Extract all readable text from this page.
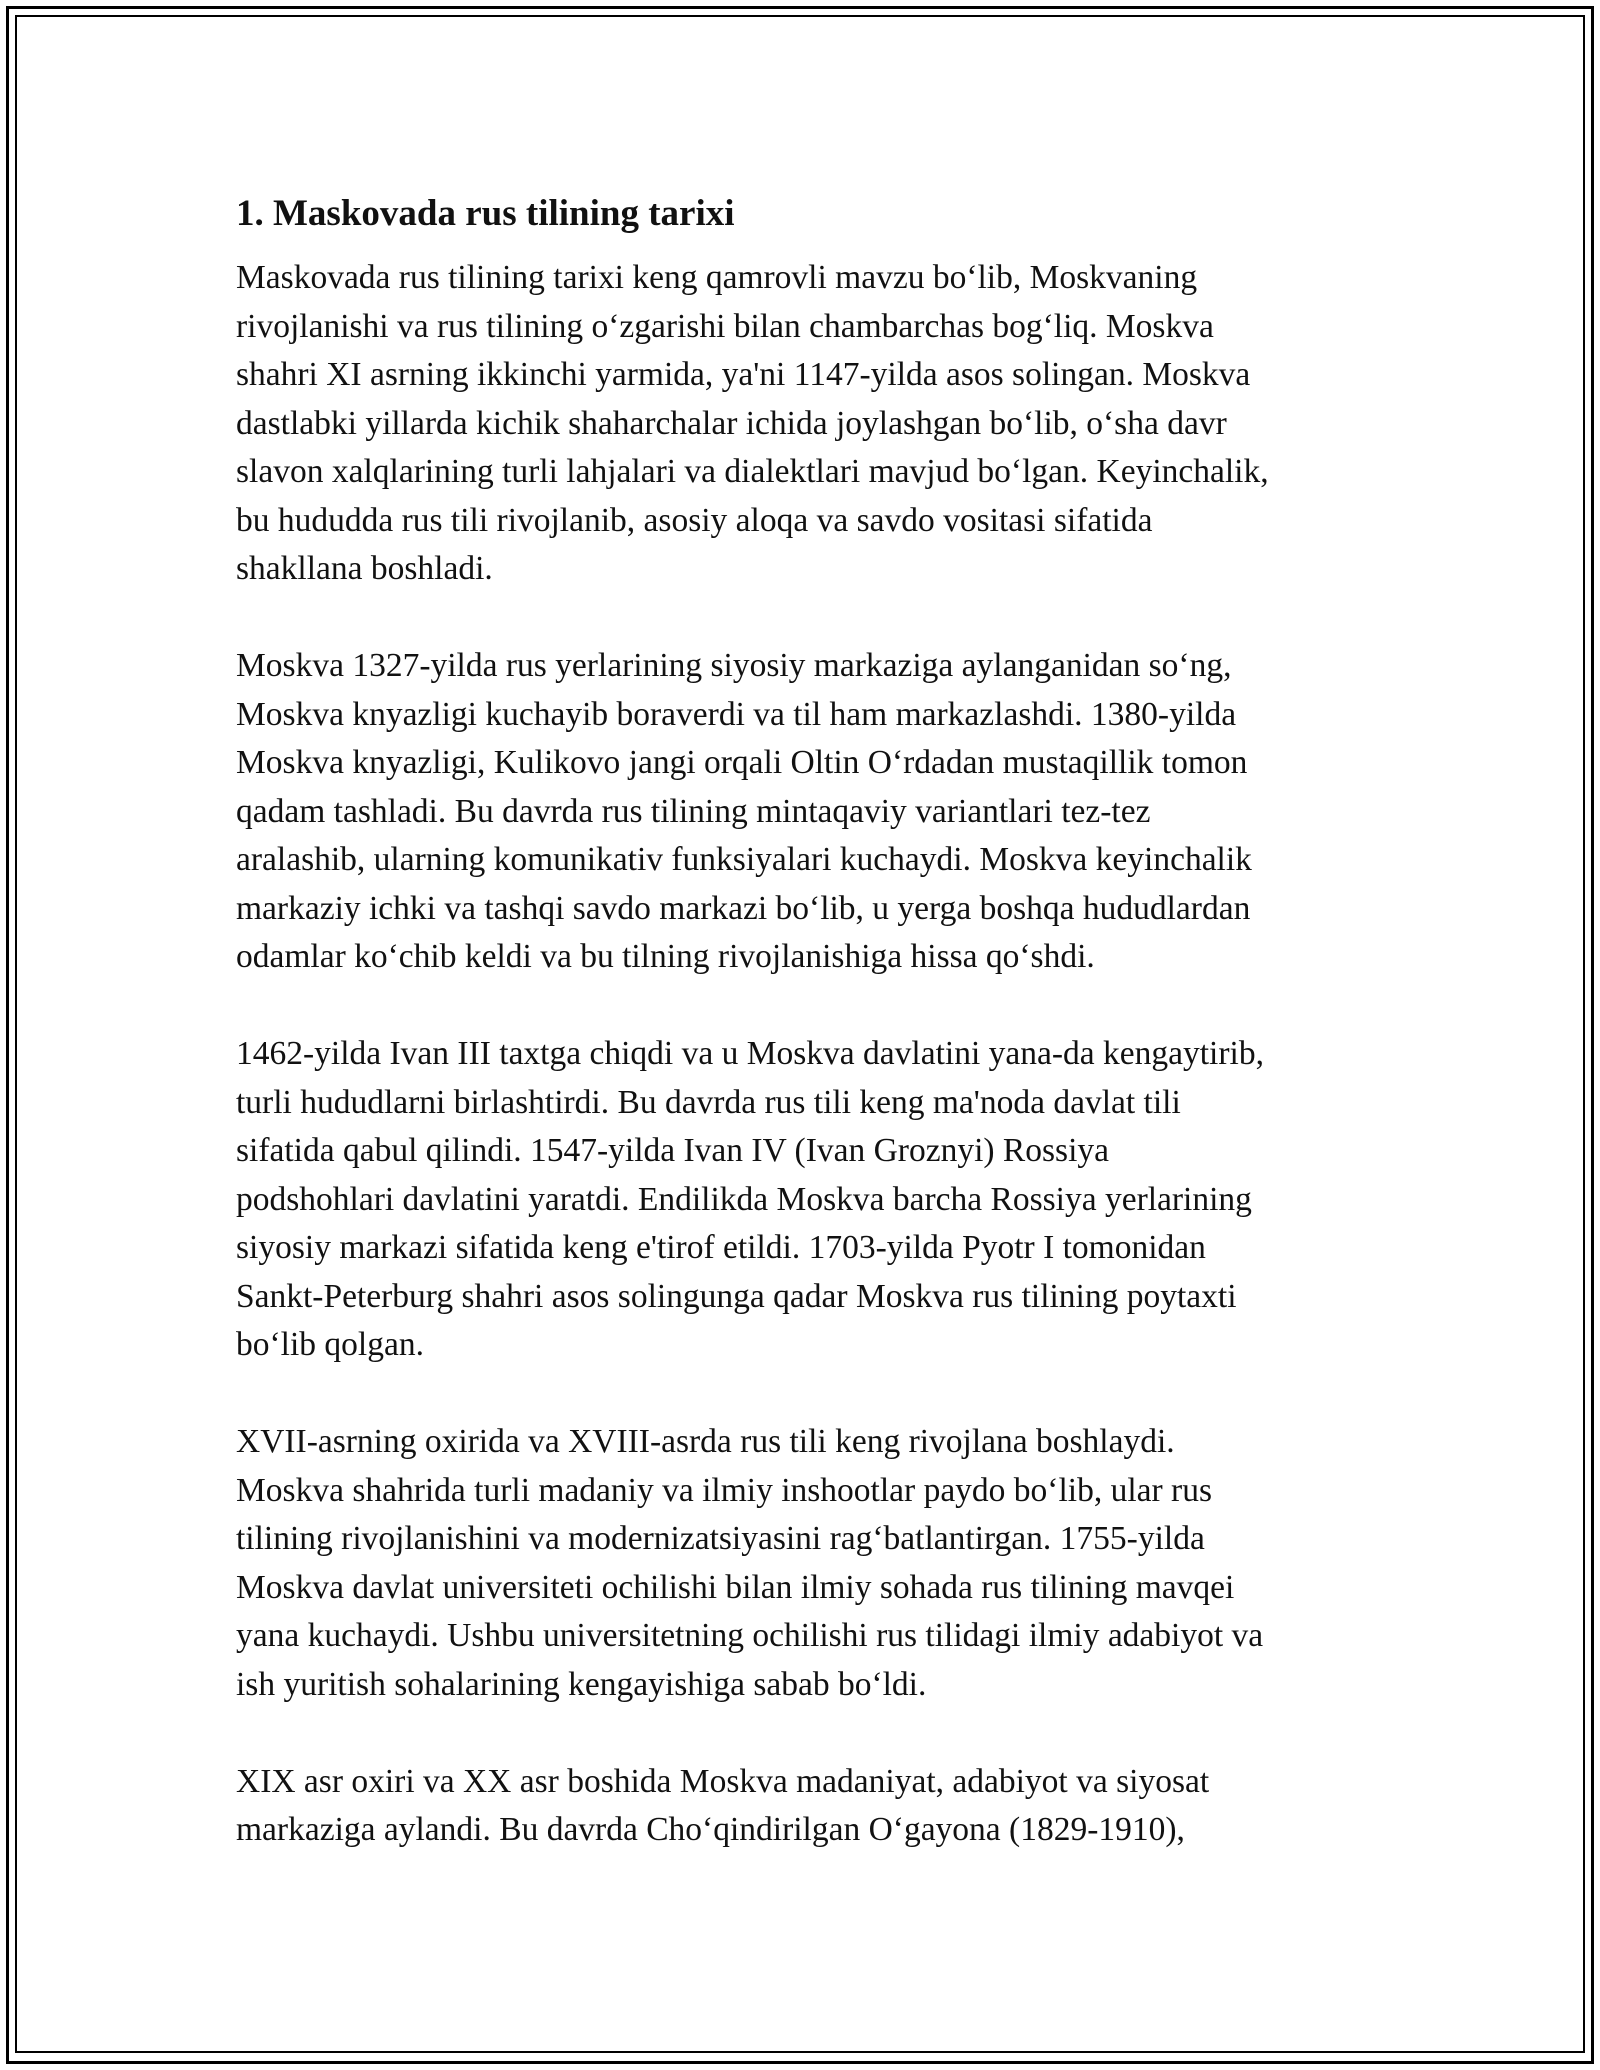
1. Maskovada rus tilining tarixi

Maskovada rus tilining tarixi keng qamrovli mavzu bo‘lib, Moskvaning
rivojlanishi va rus tilining o‘zgarishi bilan chambarchas bog‘liq. Moskva
shahri XI asrning ikkinchi yarmida, ya'ni 1147-yilda asos solingan. Moskva
dastlabki yillarda kichik shaharchalar ichida joylashgan bo‘lib, o‘sha davr
slavon xalqlarining turli lahjalari va dialektlari mavjud bo‘lgan. Keyinchalik,
bu hududda rus tili rivojlanib, asosiy aloqa va savdo vositasi sifatida
shakllana boshladi.

Moskva 1327-yilda rus yerlarining siyosiy markaziga aylanganidan so‘ng,
Moskva knyazligi kuchayib boraverdi va til ham markazlashdi. 1380-yilda
Moskva knyazligi, Kulikovo jangi orqali Oltin O‘rdadan mustaqillik tomon
qadam tashladi. Bu davrda rus tilining mintaqaviy variantlari tez-tez
aralashib, ularning komunikativ funksiyalari kuchaydi. Moskva keyinchalik
markaziy ichki va tashqi savdo markazi bo‘lib, u yerga boshqa hududlardan
odamlar ko‘chib keldi va bu tilning rivojlanishiga hissa qo‘shdi.

1462-yilda Ivan III taxtga chiqdi va u Moskva davlatini yana-da kengaytirib,
turli hududlarni birlashtirdi. Bu davrda rus tili keng ma'noda davlat tili
sifatida qabul qilindi. 1547-yilda Ivan IV (Ivan Groznyi) Rossiya
podshohlari davlatini yaratdi. Endilikda Moskva barcha Rossiya yerlarining
siyosiy markazi sifatida keng e'tirof etildi. 1703-yilda Pyotr I tomonidan
Sankt-Peterburg shahri asos solingunga qadar Moskva rus tilining poytaxti
bo‘lib qolgan.

XVII-asrning oxirida va XVIII-asrda rus tili keng rivojlana boshlaydi.
Moskva shahrida turli madaniy va ilmiy inshootlar paydo bo‘lib, ular rus
tilining rivojlanishini va modernizatsiyasini rag‘batlantirgan. 1755-yilda
Moskva davlat universiteti ochilishi bilan ilmiy sohada rus tilining mavqei
yana kuchaydi. Ushbu universitetning ochilishi rus tilidagi ilmiy adabiyot va
ish yuritish sohalarining kengayishiga sabab bo‘ldi.

XIX asr oxiri va XX asr boshida Moskva madaniyat, adabiyot va siyosat
markaziga aylandi. Bu davrda Cho‘qindirilgan O‘gayona (1829-1910),
